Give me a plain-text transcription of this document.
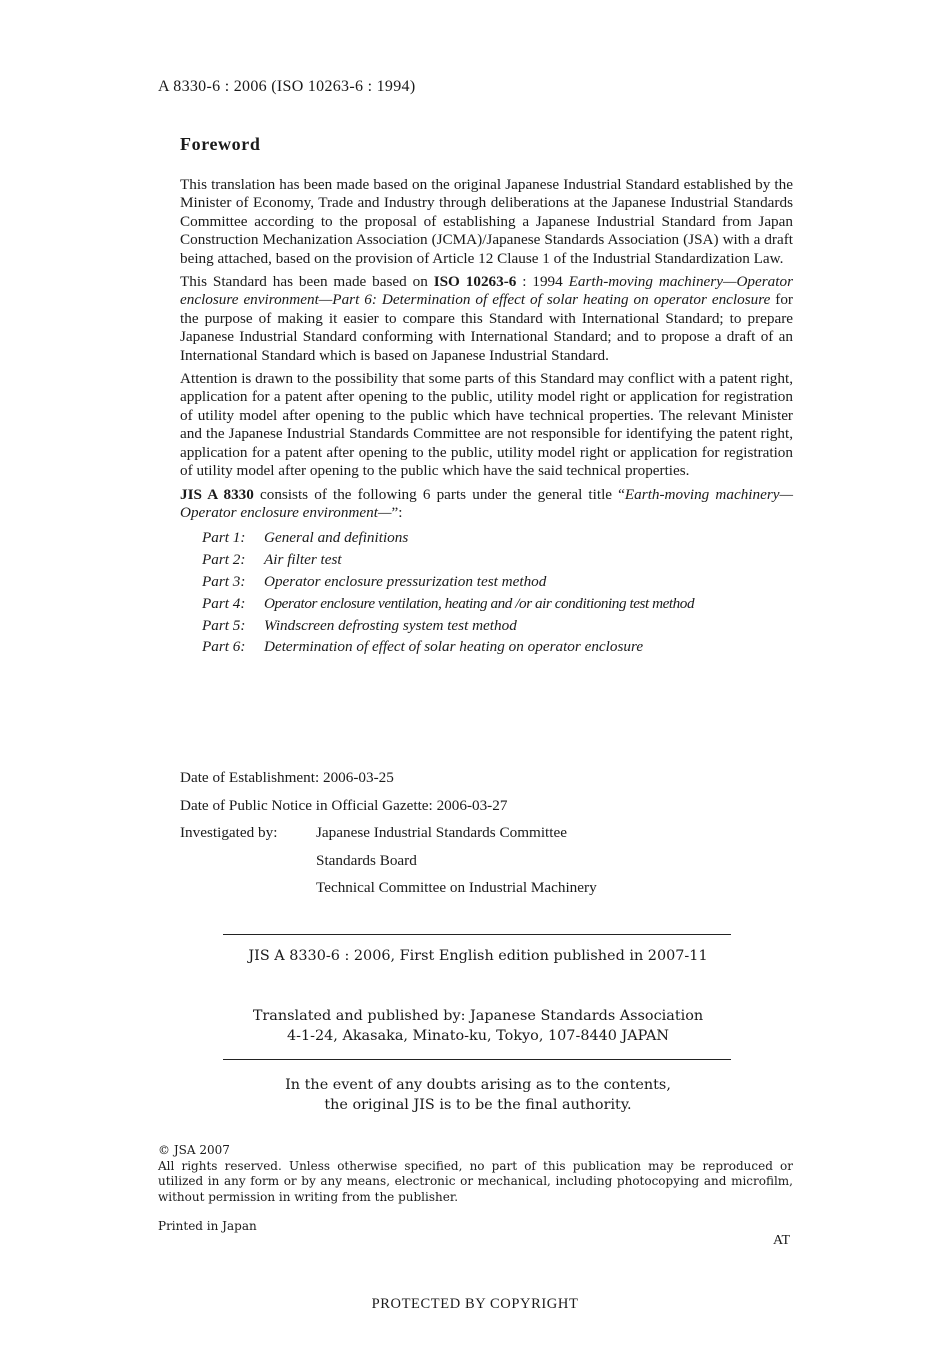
A 8330-6 : 2006 (ISO 10263-6 : 1994)
Foreword

This translation has been made based on the original Japanese Industrial Standard established by the Minister of Economy, Trade and Industry through deliberations at the Japanese Industrial Standards Committee according to the proposal of establishing a Japanese Industrial Standard from Japan Construction Mechanization Association (JCMA)/Japanese Standards Association (JSA) with a draft being attached, based on the provision of Article 12 Clause 1 of the Industrial Standardization Law.

This Standard has been made based on ISO 10263-6 : 1994 Earth-moving machinery—Operator enclosure environment—Part 6: Determination of effect of solar heating on operator enclosure for the purpose of making it easier to compare this Standard with International Standard; to prepare Japanese Industrial Standard conforming with International Standard; and to propose a draft of an International Standard which is based on Japanese Industrial Standard.

Attention is drawn to the possibility that some parts of this Standard may conflict with a patent right, application for a patent after opening to the public, utility model right or application for registration of utility model after opening to the public which have technical properties. The relevant Minister and the Japanese Industrial Standards Committee are not responsible for identifying the patent right, application for a patent after opening to the public, utility model right or application for registration of utility model after opening to the public which have the said technical properties.

JIS A 8330 consists of the following 6 parts under the general title “Earth-moving machinery—Operator enclosure environment—”:

Part 1: General and definitions
Part 2: Air filter test
Part 3: Operator enclosure pressurization test method
Part 4: Operator enclosure ventilation, heating and /or air conditioning test method
Part 5: Windscreen defrosting system test method
Part 6: Determination of effect of solar heating on operator enclosure
Date of Establishment: 2006-03-25
Date of Public Notice in Official Gazette: 2006-03-27
Investigated by:	Japanese Industrial Standards Committee
Standards Board
Technical Committee on Industrial Machinery
JIS A 8330-6 : 2006, First English edition published in 2007-11
Translated and published by: Japanese Standards Association
4-1-24, Akasaka, Minato-ku, Tokyo, 107-8440 JAPAN
In the event of any doubts arising as to the contents,
the original JIS is to be the final authority.
© JSA 2007
All rights reserved. Unless otherwise specified, no part of this publication may be reproduced or utilized in any form or by any means, electronic or mechanical, including photocopying and microfilm, without permission in writing from the publisher.
Printed in Japan
AT
PROTECTED BY COPYRIGHT
